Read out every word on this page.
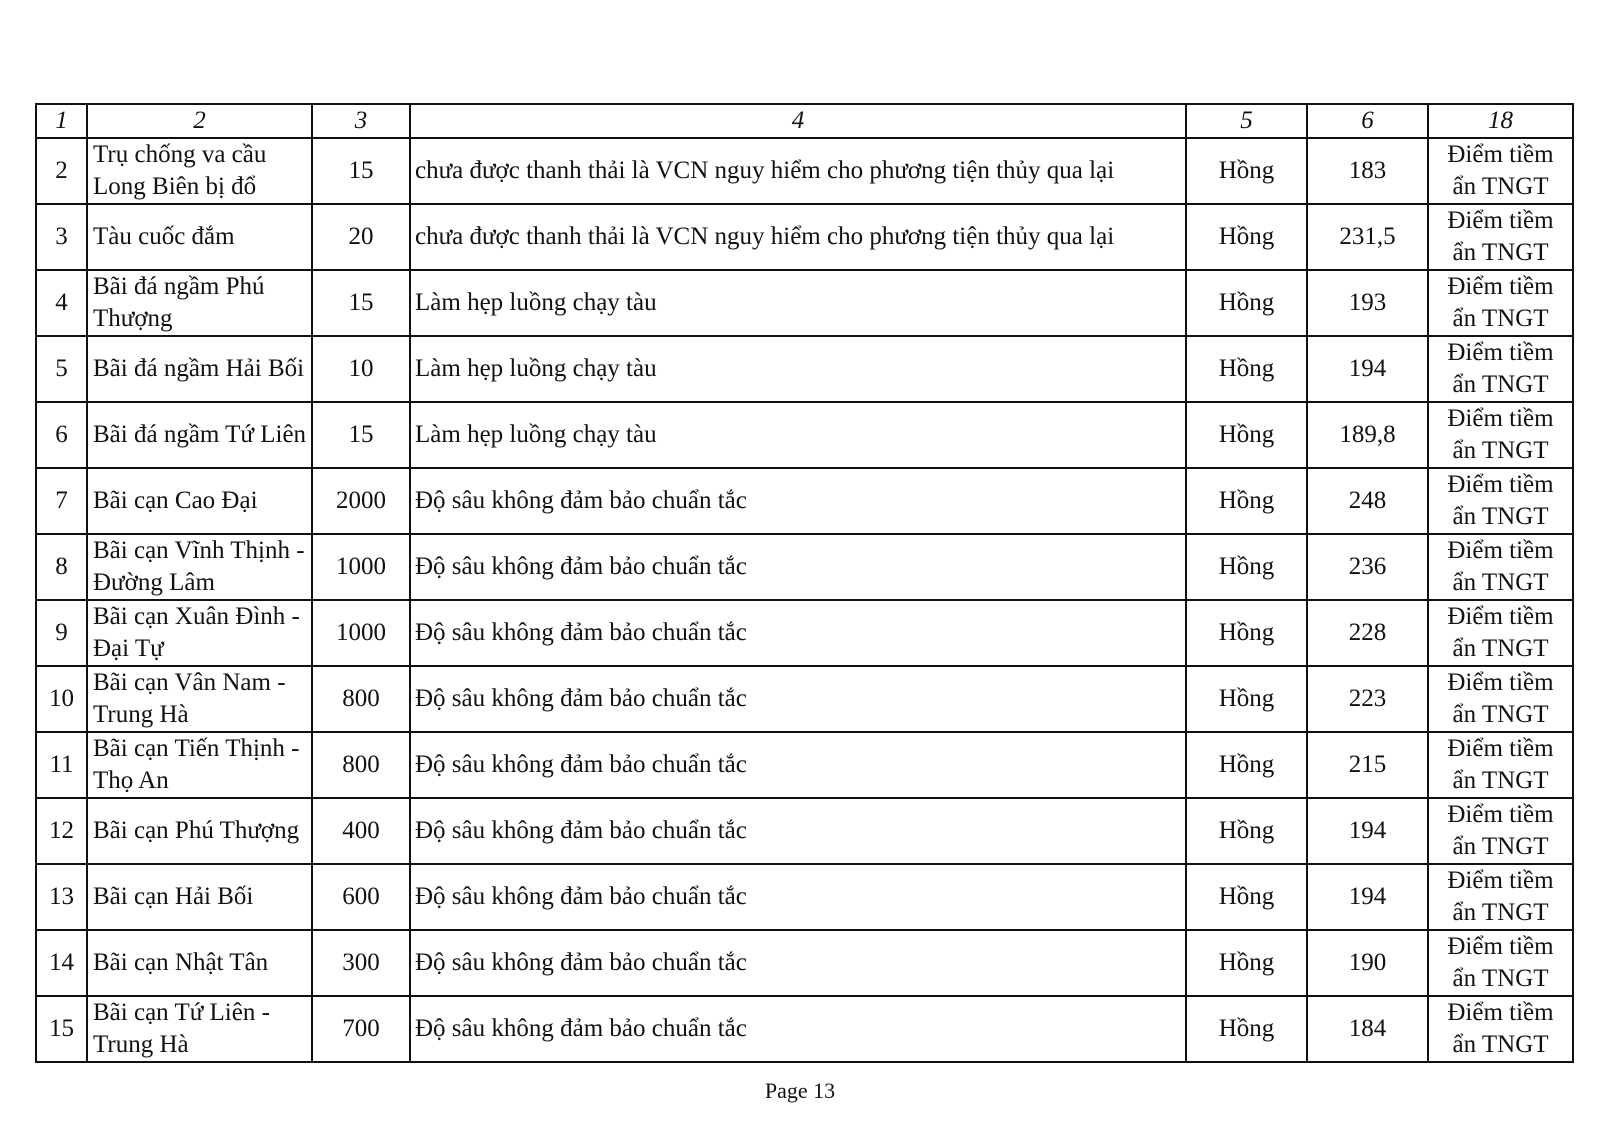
1	2	3	4	5	6	18
2	Trụ chống va cầu Long Biên bị đổ	15	chưa được thanh thải là VCN nguy hiểm cho phương tiện thủy qua lại	Hồng	183	Điểm tiềm ẩn TNGT
3	Tàu cuốc đắm	20	chưa được thanh thải là VCN nguy hiểm cho phương tiện thủy qua lại	Hồng	231,5	Điểm tiềm ẩn TNGT
4	Bãi đá ngầm Phú Thượng	15	Làm hẹp luồng chạy tàu	Hồng	193	Điểm tiềm ẩn TNGT
5	Bãi đá ngầm Hải Bối	10	Làm hẹp luồng chạy tàu	Hồng	194	Điểm tiềm ẩn TNGT
6	Bãi đá ngầm Tứ Liên	15	Làm hẹp luồng chạy tàu	Hồng	189,8	Điểm tiềm ẩn TNGT
7	Bãi cạn Cao Đại	2000	Độ sâu không đảm bảo chuẩn tắc	Hồng	248	Điểm tiềm ẩn TNGT
8	Bãi cạn Vĩnh Thịnh - Đường Lâm	1000	Độ sâu không đảm bảo chuẩn tắc	Hồng	236	Điểm tiềm ẩn TNGT
9	Bãi cạn Xuân Đình - Đại Tự	1000	Độ sâu không đảm bảo chuẩn tắc	Hồng	228	Điểm tiềm ẩn TNGT
10	Bãi cạn Vân Nam - Trung Hà	800	Độ sâu không đảm bảo chuẩn tắc	Hồng	223	Điểm tiềm ẩn TNGT
11	Bãi cạn Tiến Thịnh - Thọ An	800	Độ sâu không đảm bảo chuẩn tắc	Hồng	215	Điểm tiềm ẩn TNGT
12	Bãi cạn Phú Thượng	400	Độ sâu không đảm bảo chuẩn tắc	Hồng	194	Điểm tiềm ẩn TNGT
13	Bãi cạn Hải Bối	600	Độ sâu không đảm bảo chuẩn tắc	Hồng	194	Điểm tiềm ẩn TNGT
14	Bãi cạn Nhật Tân	300	Độ sâu không đảm bảo chuẩn tắc	Hồng	190	Điểm tiềm ẩn TNGT
15	Bãi cạn Tứ Liên - Trung Hà	700	Độ sâu không đảm bảo chuẩn tắc	Hồng	184	Điểm tiềm ẩn TNGT
Page 13
